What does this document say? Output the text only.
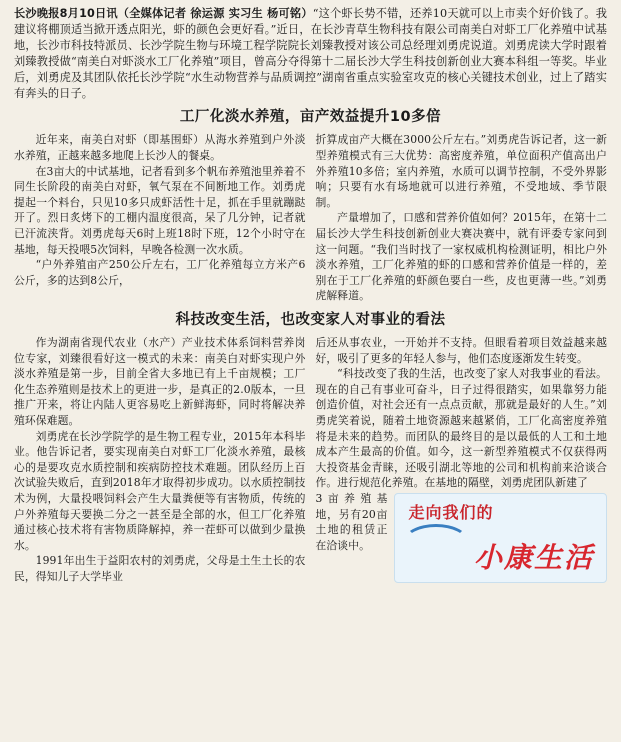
长沙晚报8月10日讯（全媒体记者 徐运源 实习生 杨可铭）“这个虾长势不错，还养10天就可以上市卖个好价钱了。我建议将棚顶适当掀开透点阳光，虾的颜色会更好看。”近日，在长沙青草生物科技有限公司南美白对虾工厂化养殖中试基地，长沙市科技特派员、长沙学院生物与环境工程学院院长刘臻教授对该公司总经理刘勇虎说道。刘勇虎读大学时跟着刘臻教授做“南美白对虾淡水工厂化养殖”项目，曾高分夺得第十二届长沙大学生科技创新创业大赛本科组一等奖。毕业后，刘勇虎及其团队依托长沙学院“水生动物营养与品质调控”湖南省重点实验室攻克的核心关键技术创业，过上了踏实有奔头的日子。

工厂化淡水养殖，亩产效益提升10多倍

近年来，南美白对虾（即基围虾）从海水养殖到户外淡水养殖，正越来越多地爬上长沙人的餐桌。

在3亩大的中试基地，记者看到多个帆布养殖池里养着不同生长阶段的南美白对虾，氧气泵在不间断地工作。刘勇虎提起一个料台，只见10多只成虾活性十足，抓在手里就蹦跶开了。烈日炙烤下的工棚内温度很高，呆了几分钟，记者就已汗流浃背。刘勇虎每天6时上班18时下班，12个小时守在基地，每天投喂5次饲料，早晚各检测一次水质。

“户外养殖亩产250公斤左右，工厂化养殖每立方米产6公斤，多的达到8公斤，

折算成亩产大概在3000公斤左右。”刘勇虎告诉记者，这一新型养殖模式有三大优势：高密度养殖，单位面积产值高出户外养殖10多倍；室内养殖，水质可以调节控制，不受外界影响；只要有水有场地就可以进行养殖，不受地域、季节限制。

产量增加了，口感和营养价值如何？2015年，在第十二届长沙大学生科技创新创业大赛决赛中，就有评委专家问到这一问题。“我们当时找了一家权威机构检测证明，相比户外淡水养殖，工厂化养殖的虾的口感和营养价值是一样的，差别在于工厂化养殖的虾颜色要白一些，皮也更薄一些。”刘勇虎解释道。

科技改变生活，也改变家人对事业的看法

作为湖南省现代农业（水产）产业技术体系饲料营养岗位专家，刘臻很看好这一模式的未来：南美白对虾实现户外淡水养殖是第一步，目前全省大多地已有上千亩规模；工厂化生态养殖则是技术上的更进一步，是真正的2.0版本，一旦推广开来，将让内陆人更容易吃上新鲜海虾，同时将解决养殖环保难题。

刘勇虎在长沙学院学的是生物工程专业，2015年本科毕业。他告诉记者，要实现南美白对虾工厂化淡水养殖，最核心的是要攻克水质控制和疾病防控技术难题。团队经历上百次试验失败后，直到2018年才取得初步成功。以水质控制技术为例，大量投喂饲料会产生大量粪便等有害物质，传统的户外养殖每天要换二分之一甚至是全部的水，但工厂化养殖通过核心技术将有害物质降解掉，养一茬虾可以做到少量换水。

1991年出生于益阳农村的刘勇虎，父母是土生土长的农民，得知儿子大学毕业

后还从事农业，一开始并不支持。但眼看着项目效益越来越好，吸引了更多的年轻人参与，他们态度逐渐发生转变。

“科技改变了我的生活，也改变了家人对我事业的看法。现在的自己有事业可奋斗，日子过得很踏实，如果靠努力能创造价值，对社会还有一点点贡献，那就是最好的人生。”刘勇虎笑着说，随着土地资源越来越紧俏，工厂化高密度养殖将是未来的趋势。而团队的最终目的是以最低的人工和土地成本产生最高的价值。如今，这一新型养殖模式不仅获得两大投资基金青睐，还吸引湖北等地的公司和机构前来洽谈合作。进行规范化养殖。在基地的隔壁，刘勇虎团队新建了

3亩养殖基地，另有20亩土地的租赁正在洽谈中。

走向我们的
小康生活
